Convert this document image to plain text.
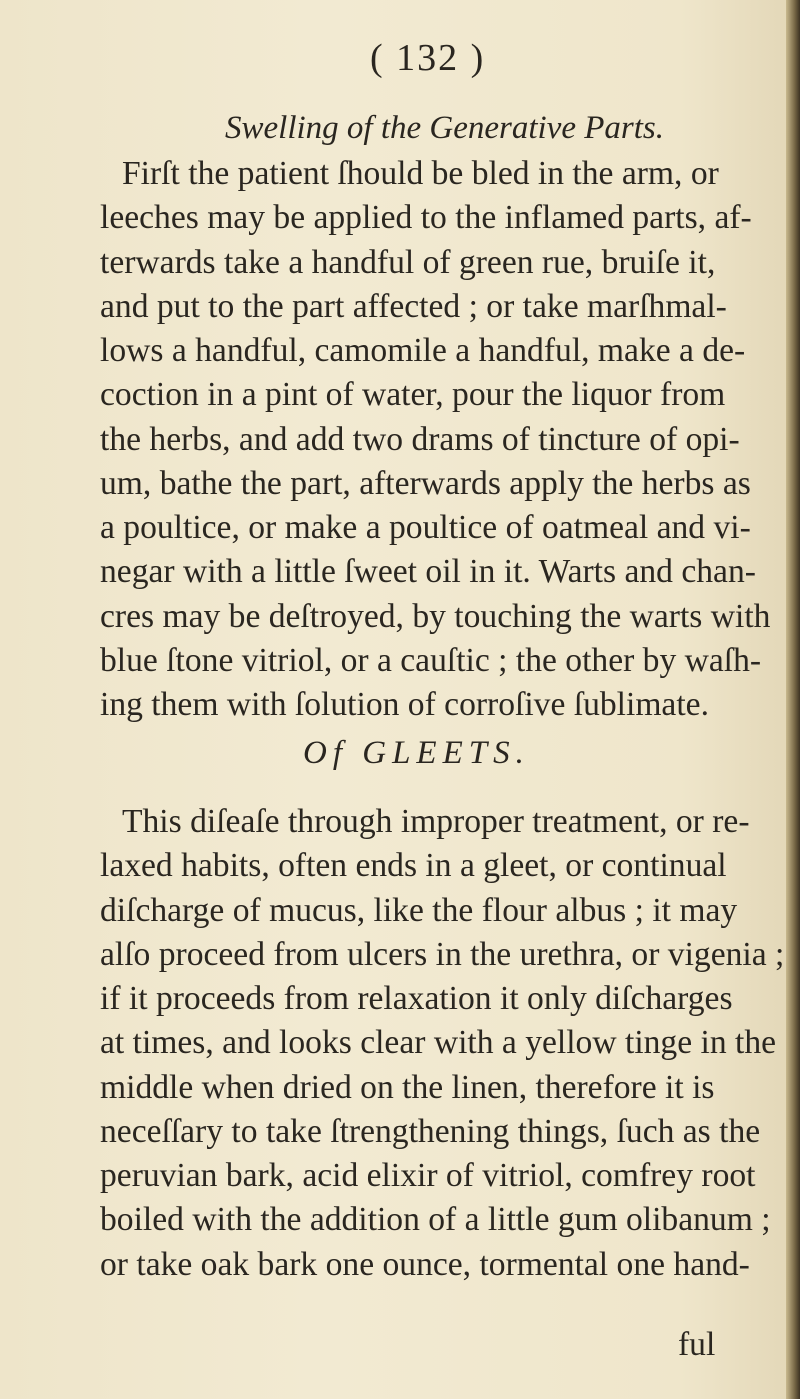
( 132 )
Swelling of the Generative Parts.
Firſt the patient ſhould be bled in the arm, or
leeches may be applied to the inflamed parts, af-
terwards take a handful of green rue, bruiſe it,
and put to the part affected ; or take marſhmal-
lows a handful, camomile a handful, make a de-
coction in a pint of water, pour the liquor from
the herbs, and add two drams of tincture of opi-
um, bathe the part, afterwards apply the herbs as
a poultice, or make a poultice of oatmeal and vi-
negar with a little ſweet oil in it. Warts and chan-
cres may be deſtroyed, by touching the warts with
blue ſtone vitriol, or a cauſtic ; the other by waſh-
ing them with ſolution of corroſive ſublimate.
Of GLEETS.
This diſeaſe through improper treatment, or re-
laxed habits, often ends in a gleet, or continual
diſcharge of mucus, like the flour albus ; it may
alſo proceed from ulcers in the urethra, or vigenia ;
if it proceeds from relaxation it only diſcharges
at times, and looks clear with a yellow tinge in the
middle when dried on the linen, therefore it is
neceſſary to take ſtrengthening things, ſuch as the
peruvian bark, acid elixir of vitriol, comfrey root
boiled with the addition of a little gum olibanum ;
or take oak bark one ounce, tormental one hand-
ful
